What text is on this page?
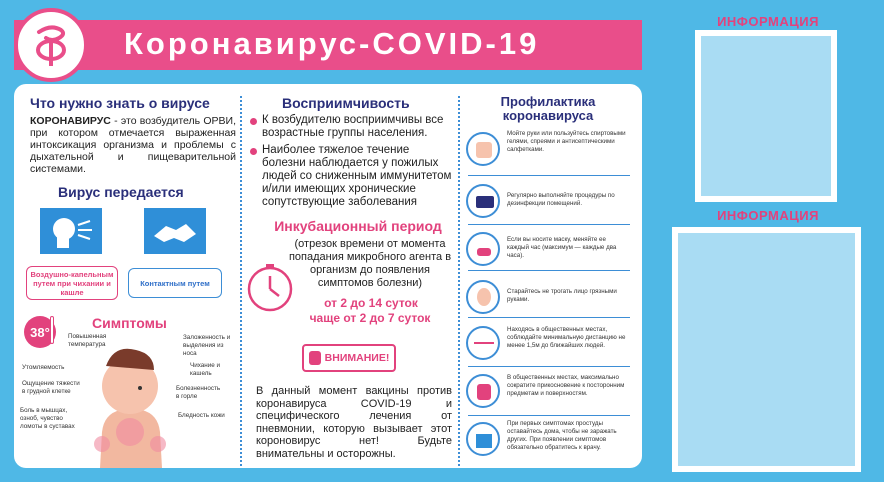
Коронавирус-COVID-19
Что нужно знать о вирусе
КОРОНАВИРУС - это возбудитель ОРВИ, при котором отмечается выраженная интоксикация организма и проблемы с дыхательной и пищеварительной системами.
Вирус передается
Воздушно-капельным путем при чихании и кашле
Контактным путем
38°
Симптомы
Повышенная температура
Утомляемость
Ощущение тяжести в грудной клетке
Боль в мышцах, озноб, чувство ломоты в суставах
Заложенность и выделения из носа
Чихание и кашель
Болезненность в горле
Бледность кожи
Восприимчивость
К возбудителю восприимчивы все возрастные группы населения.
Наиболее тяжелое течение болезни наблюдается у пожилых людей со сниженным иммунитетом и/или имеющих хронические сопутствующие заболевания
Инкубационный период
(отрезок времени от момента попадания микробного агента в организм до появления симптомов болезни)
от 2 до 14 суток
чаще от 2 до 7 суток
ВНИМАНИЕ!
В данный момент вакцины против коронавируса COVID-19 и специфического лечения от пневмонии, которую вызывает этот короновирус нет! Будьте внимательны и осторожны.
Профилактика
коронавируса
Мойте руки или пользуйтесь спиртовыми гелями, спреями и антисептическими салфетками.
Регулярно выполняйте процедуры по дезинфекции помещений.
Если вы носите маску, меняйте ее каждый час (максимум — каждые два часа).
Старайтесь не трогать лицо грязными руками.
Находясь в общественных местах, соблюдайте минимальную дистанцию не менее 1,5м до ближайших людей.
В общественных местах, максимально сократите прикосновение к посторонним предметам и поверхностям.
При первых симптомах простуды оставайтесь дома, чтобы не заражать других. При появлении симптомов обязательно обратитесь к врачу.
ИНФОРМАЦИЯ
ИНФОРМАЦИЯ
